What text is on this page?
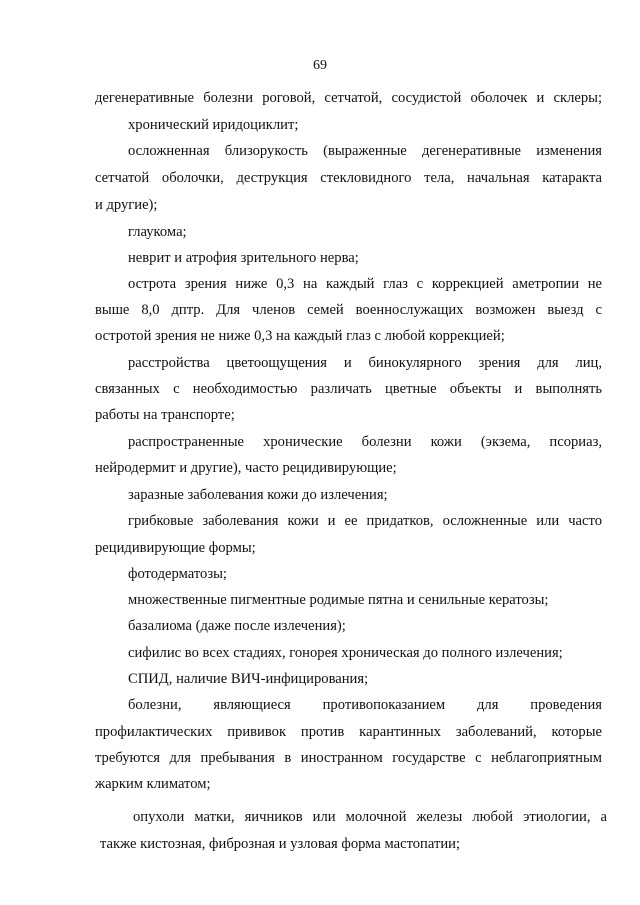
69
дегенеративные болезни роговой, сетчатой, сосудистой оболочек и склеры;
хронический иридоциклит;
осложненная близорукость (выраженные дегенеративные изменения
сетчатой оболочки, деструкция стекловидного тела, начальная катаракта
и другие);
глаукома;
неврит и атрофия зрительного нерва;
острота зрения ниже 0,3 на каждый глаз с коррекцией аметропии не
выше 8,0 дптр. Для членов семей военнослужащих возможен выезд с
остротой зрения не ниже 0,3 на каждый глаз с любой коррекцией;
расстройства цветоощущения и бинокулярного зрения для лиц,
связанных с необходимостью различать цветные объекты и выполнять
работы на транспорте;
распространенные хронические болезни кожи (экзема, псориаз,
нейродермит и другие), часто рецидивирующие;
заразные заболевания кожи до излечения;
грибковые заболевания кожи и ее придатков, осложненные или часто
рецидивирующие формы;
фотодерматозы;
множественные пигментные родимые пятна и сенильные кератозы;
базалиома (даже после излечения);
сифилис во всех стадиях, гонорея хроническая до полного излечения;
СПИД, наличие ВИЧ-инфицирования;
болезни, являющиеся противопоказанием для проведения
профилактических прививок против карантинных заболеваний, которые
требуются для пребывания в иностранном государстве с неблагоприятным
жарким климатом;
опухоли матки, яичников или молочной железы любой этиологии, а
также кистозная, фиброзная и узловая форма мастопатии;
